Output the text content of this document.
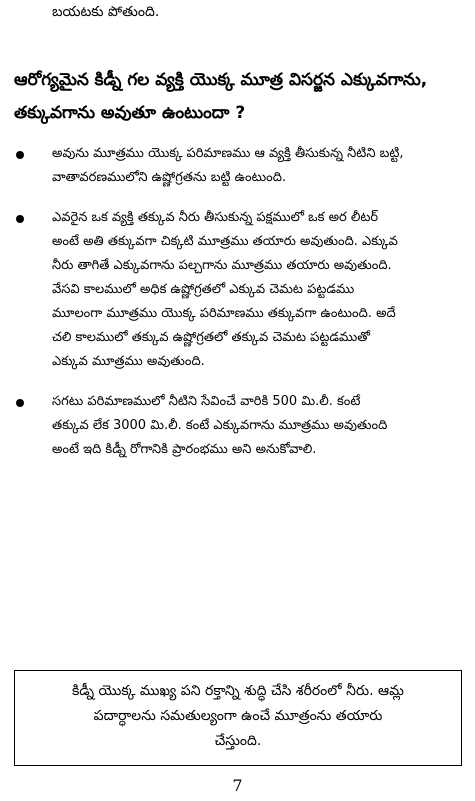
బయటకు పోతుంది.
ఆరోగ్యమైన కిడ్నీ గల వ్యక్తి యొక్క మూత్ర విసర్జన ఎక్కువగాను,
తక్కువగాను అవుతూ ఉంటుందా ?
అవును మూత్రము యొక్క పరిమాణము ఆ వ్యక్తి తీసుకున్న నీటిని బట్టి,
వాతావరణములోని ఉష్ణోగ్రతను బట్టి ఉంటుంది.
ఎవరైన ఒక వ్యక్తి తక్కువ నీరు తీసుకున్న పక్షములో ఒక అర లీటర్
అంటే అతి తక్కువగా చిక్కటి మూత్రము తయారు అవుతుంది. ఎక్కువ
నీరు తాగితే ఎక్కువగాను పల్చగాను మూత్రము తయారు అవుతుంది.
వేసవి కాలములో అధిక ఉష్ణోగ్రతలో ఎక్కువ చెమట పట్టడము
మూలంగా మూత్రము యొక్క పరిమాణము తక్కువగా ఉంటుంది. అదే
చలి కాలములో తక్కువ ఉష్ణోగ్రతలో తక్కువ చెమట పట్టడముతో
ఎక్కువ మూత్రము అవుతుంది.
సగటు పరిమాణములో నీటిని సేవించే వారికి 500 మి.లీ. కంటే
తక్కువ లేక 3000 మి.లీ. కంటే ఎక్కువగాను మూత్రము అవుతుంది
అంటే ఇది కిడ్నీ రోగానికి ప్రారంభము అని అనుకోవాలి.
కిడ్నీ యొక్క ముఖ్య పని రక్తాన్ని శుద్ధి చేసి శరీరంలో నీరు. ఆమ్ల
పదార్ధాలను సమతుల్యంగా ఉంచే మూత్రంను తయారు
చేస్తుంది.
7
